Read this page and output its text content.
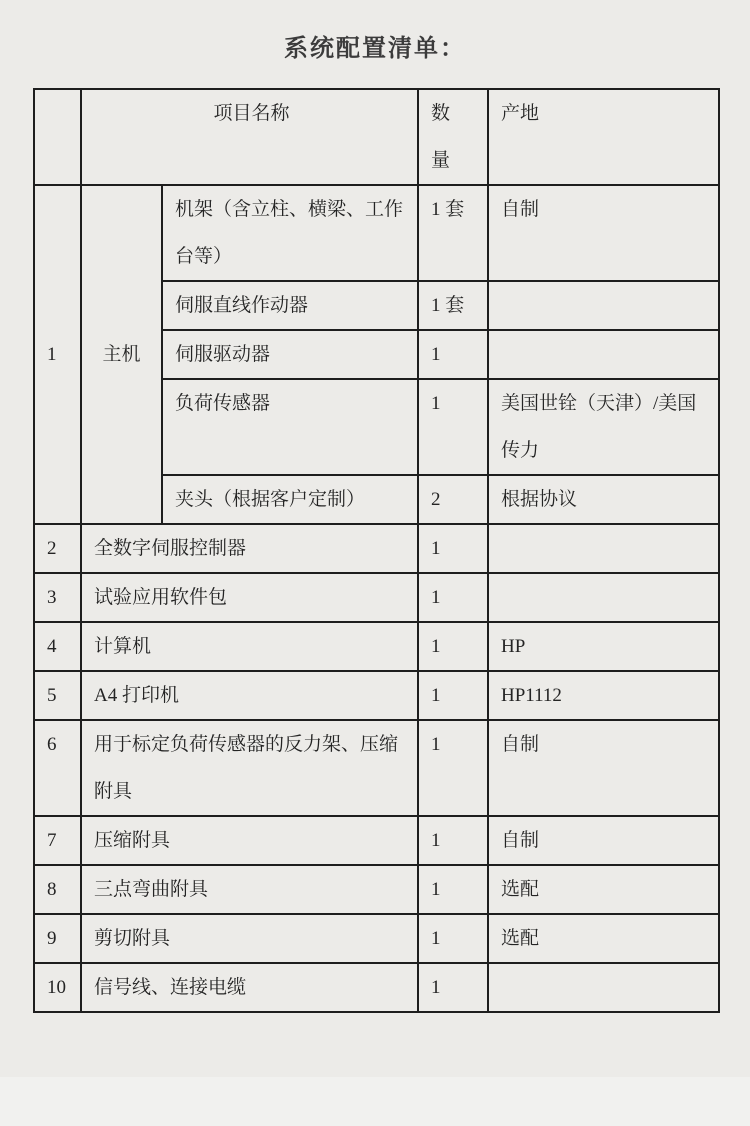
系统配置清单：
	项目名称		数量	产地
1	主机	机架（含立柱、横梁、工作台等）	1 套	自制
		伺服直线作动器	1 套	
		伺服驱动器	1	
		负荷传感器	1	美国世铨（天津）/美国传力
		夹头（根据客户定制）	2	根据协议
2	全数字伺服控制器		1	
3	试验应用软件包		1	
4	计算机		1	HP
5	A4 打印机		1	HP1112
6	用于标定负荷传感器的反力架、压缩附具		1	自制
7	压缩附具		1	自制
8	三点弯曲附具		1	选配
9	剪切附具		1	选配
10	信号线、连接电缆		1	
